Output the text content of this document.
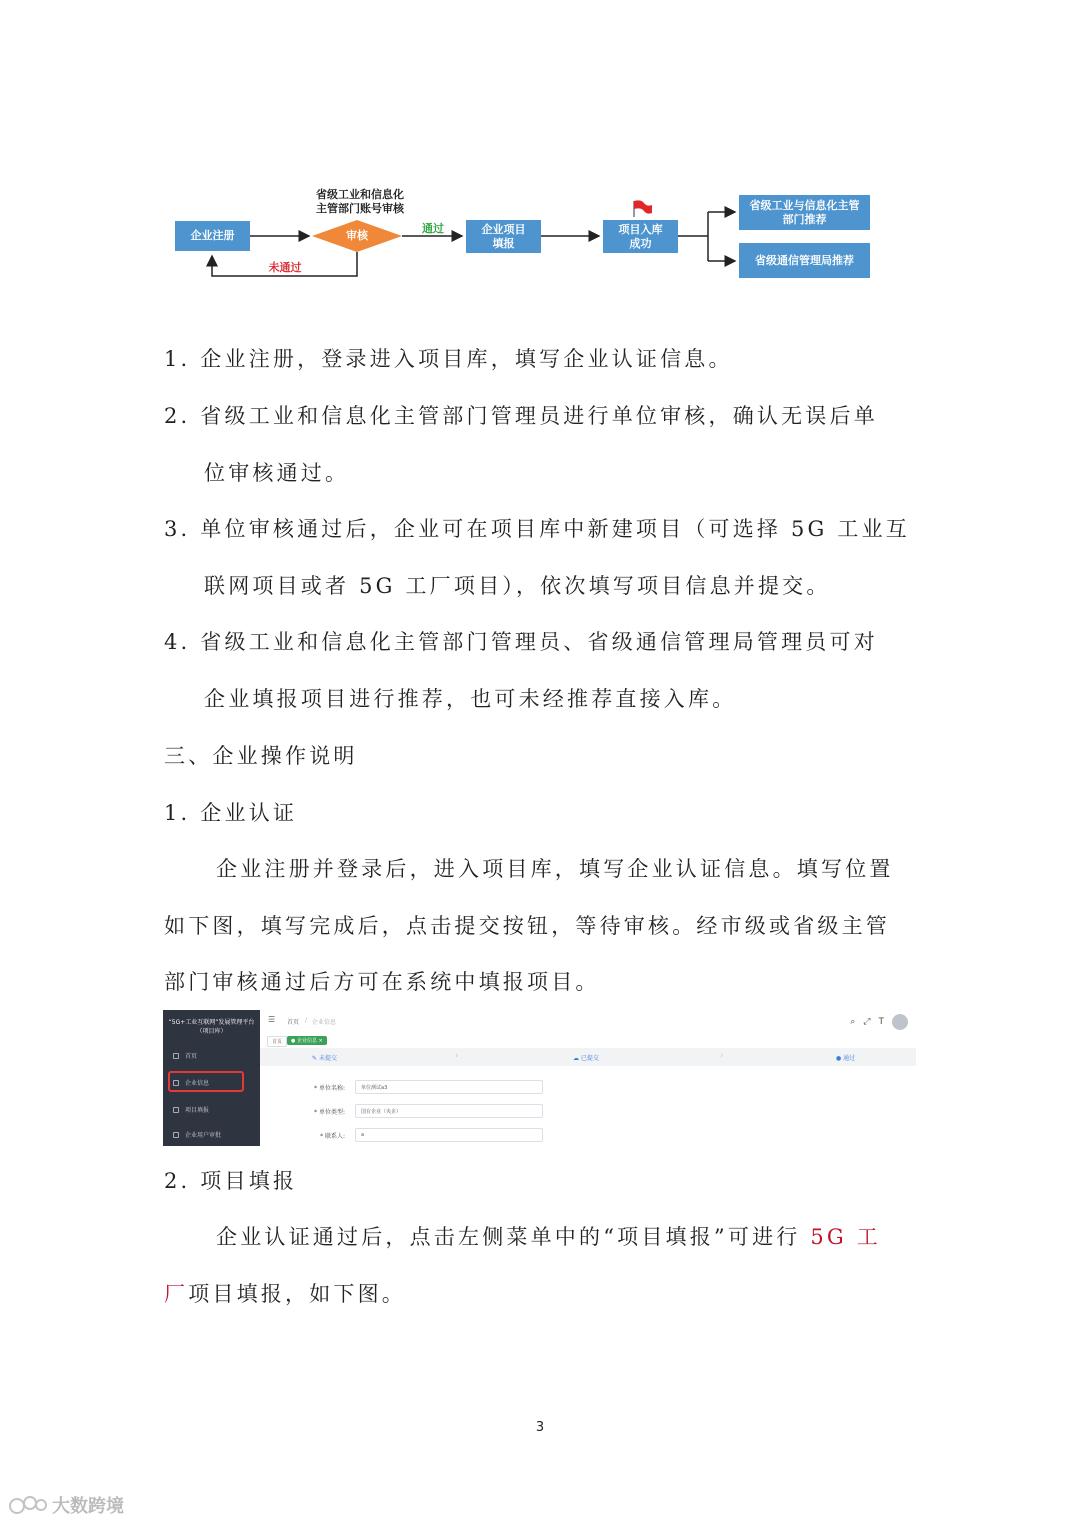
企业注册
省级工业和信息化
主管部门账号审核
审核
通过
未通过
企业项目
填报
项目入库
成功
省级工业与信息化主管
部门推荐
省级通信管理局推荐
1. 企业注册，登录进入项目库，填写企业认证信息。
2. 省级工业和信息化主管部门管理员进行单位审核，确认无误后单
位审核通过。
3. 单位审核通过后，企业可在项目库中新建项目（可选择 5G 工业互
联网项目或者 5G 工厂项目），依次填写项目信息并提交。
4. 省级工业和信息化主管部门管理员、省级通信管理局管理员可对
企业填报项目进行推荐，也可未经推荐直接入库。
三、企业操作说明
1. 企业认证
企业注册并登录后，进入项目库，填写企业认证信息。填写位置
如下图，填写完成后，点击提交按钮，等待审核。经市级或省级主管
部门审核通过后方可在系统中填报项目。
“5G+工业互联网”发展管理平台
（项目库）
首页
企业信息
项目填报
企业用户审批
☰ 首页 / 企业信息	⌕ ⤢ T
首页	● 企业信息 ×
✎ 未提交	›	☁ 已提交	›	● 通过
* 单位名称:	单位测试a3
* 单位类型:	国有企业（央企）
* 联系人:	a
2. 项目填报
企业认证通过后，点击左侧菜单中的“项目填报”可进行 5G 工
厂项目填报，如下图。
3
大数跨境
